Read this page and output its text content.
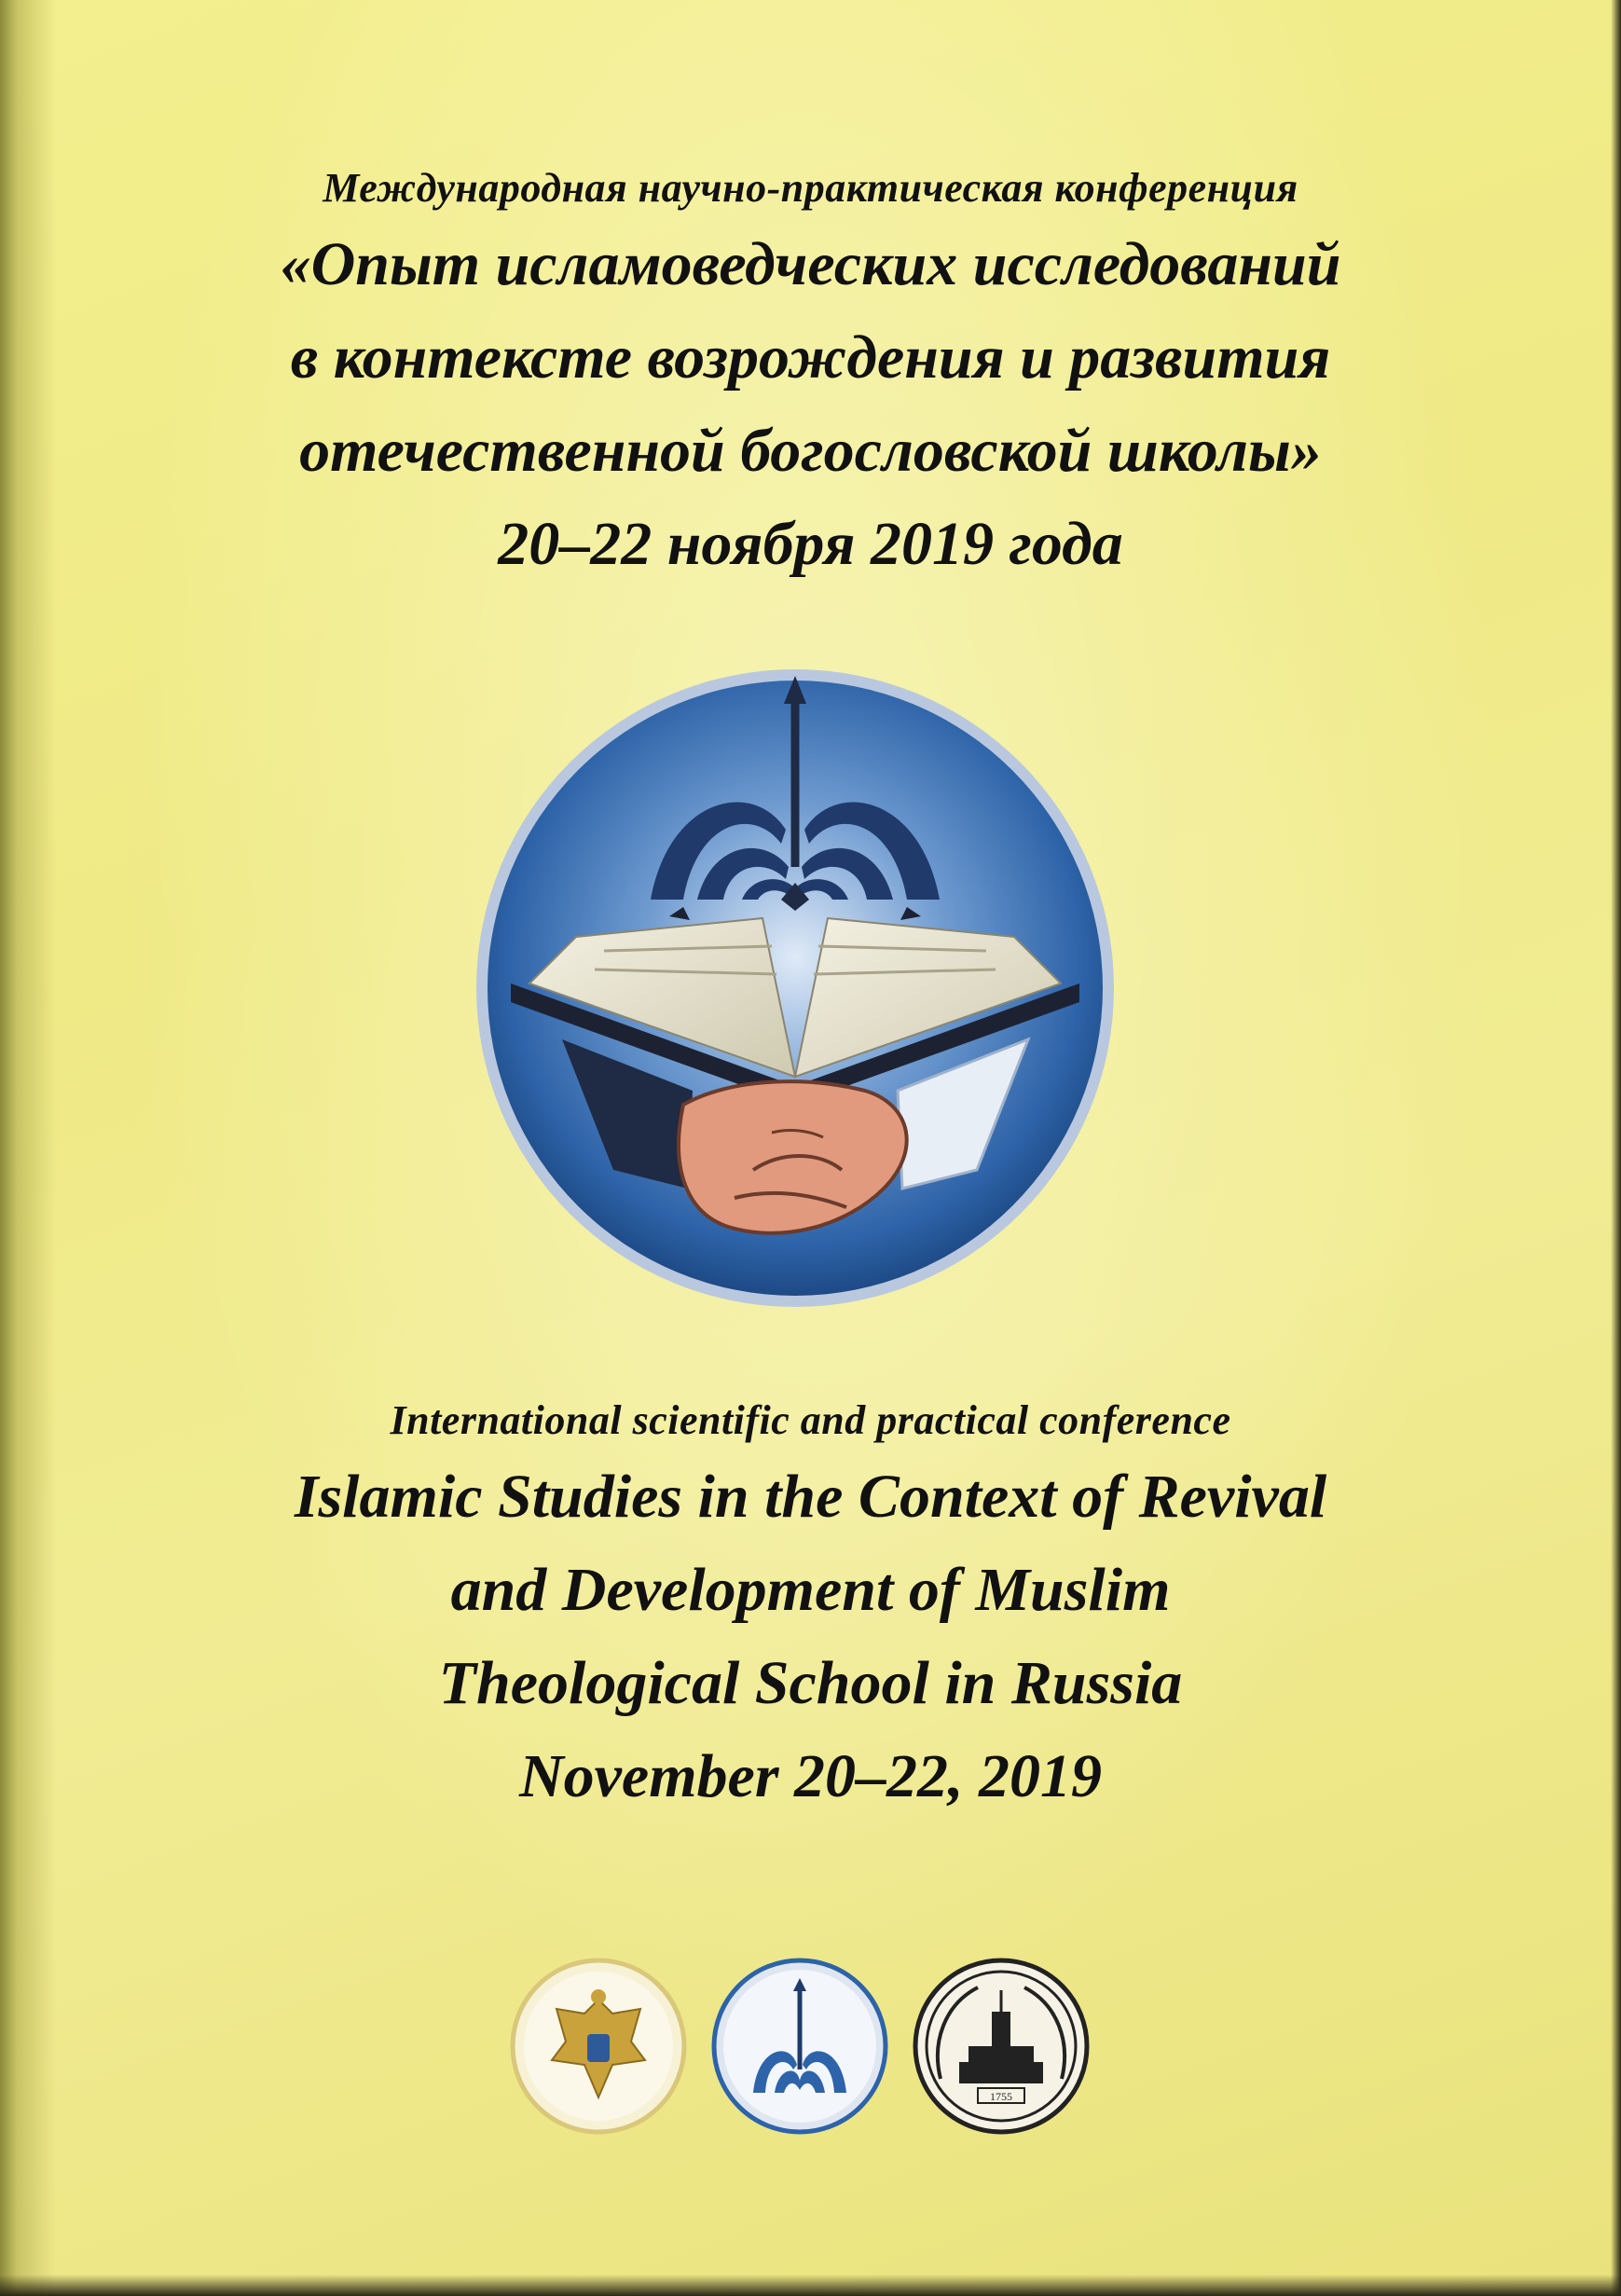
Международная научно-практическая конференция
«Опыт исламоведческих исследований
в контексте возрождения и развития
отечественной богословской школы»
20–22 ноября 2019 года
International scientific and practical conference
Islamic Studies in the Context of Revival
and Development of Muslim
Theological School in Russia
November 20–22, 2019
1755
